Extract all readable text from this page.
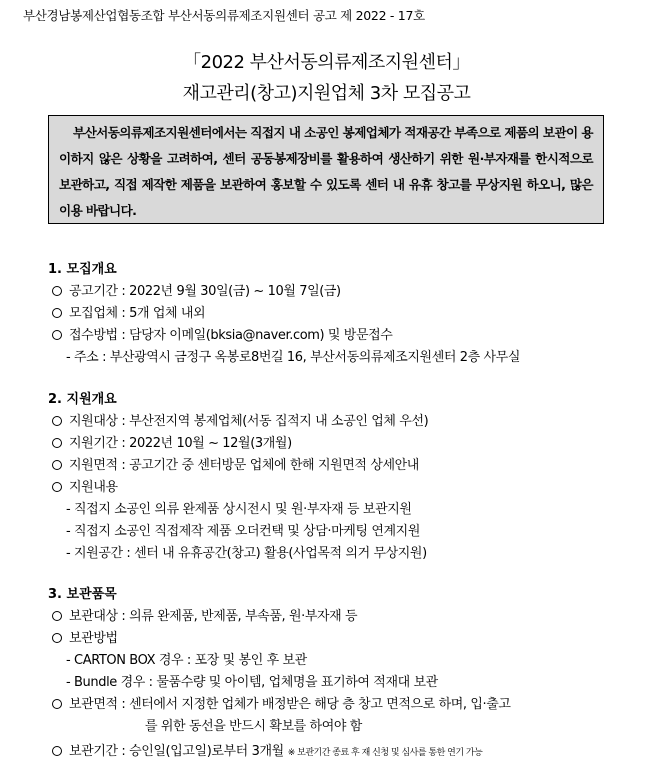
부산경남봉제산업협동조합 부산서동의류제조지원센터 공고 제 2022 - 17호
「2022 부산서동의류제조지원센터」
재고관리(창고)지원업체 3차 모집공고
부산서동의류제조지원센터에서는 직접지 내 소공인 봉제업체가 적재공간 부족으로 제품의 보관이 용이하지 않은 상황을 고려하여, 센터 공동봉제장비를 활용하여 생산하기 위한 원·부자재를 한시적으로 보관하고, 직접 제작한 제품을 보관하여 홍보할 수 있도록 센터 내 유휴 창고를 무상지원 하오니, 많은 이용 바랍니다.
1. 모집개요
공고기간 : 2022년 9월 30일(금) ~ 10월 7일(금)
모집업체 : 5개 업체 내외
접수방법 : 담당자 이메일(bksia@naver.com) 및 방문접수
- 주소 : 부산광역시 금정구 옥봉로8번길 16, 부산서동의류제조지원센터 2층 사무실
2. 지원개요
지원대상 : 부산전지역 봉제업체(서동 집적지 내 소공인 업체 우선)
지원기간 : 2022년 10월 ~ 12월(3개월)
지원면적 : 공고기간 중 센터방문 업체에 한해 지원면적 상세안내
지원내용
- 직접지 소공인 의류 완제품 상시전시 및 원·부자재 등 보관지원
- 직접지 소공인 직접제작 제품 오더컨택 및 상담·마케팅 연계지원
- 지원공간 : 센터 내 유휴공간(창고) 활용(사업목적 의거 무상지원)
3. 보관품목
보관대상 : 의류 완제품, 반제품, 부속품, 원·부자재 등
보관방법
- CARTON BOX 경우 : 포장 및 봉인 후 보관
- Bundle 경우 : 물품수량 및 아이템, 업체명을 표기하여 적재대 보관
보관면적 : 센터에서 지정한 업체가 배정받은 해당 층 창고 면적으로 하며, 입·출고
를 위한 동선을 반드시 확보를 하여야 함
보관기간 : 승인일(입고일)로부터 3개월 ※ 보관기간 종료 후 재 신청 및 심사를 통한 연기 가능
